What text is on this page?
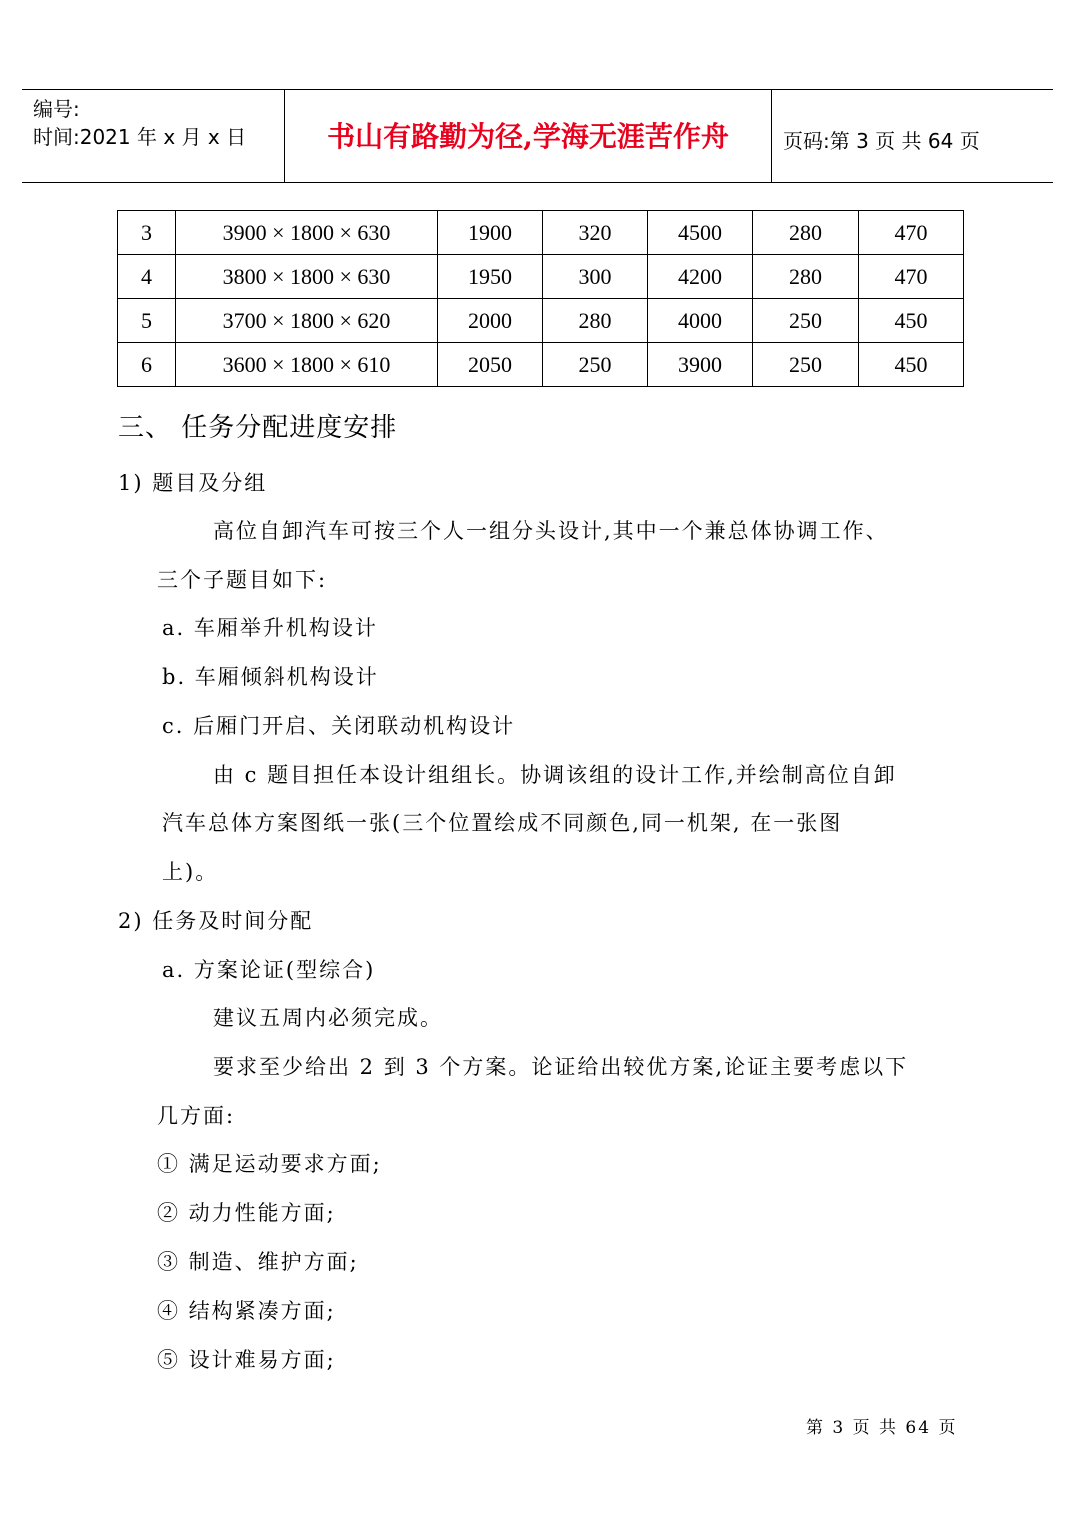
编号:
时间:2021 年 x 月 x 日	书山有路勤为径,学海无涯苦作舟	页码:第 3 页 共 64 页
3	3900 × 1800 × 630	1900	320	4500	280	470
4	3800 × 1800 × 630	1950	300	4200	280	470
5	3700 × 1800 × 620	2000	280	4000	250	450
6	3600 × 1800 × 610	2050	250	3900	250	450
三、 任务分配进度安排
1) 题目及分组
高位自卸汽车可按三个人一组分头设计,其中一个兼总体协调工作、
三个子题目如下:
a. 车厢举升机构设计
b. 车厢倾斜机构设计
c. 后厢门开启、关闭联动机构设计
由 c 题目担任本设计组组长。协调该组的设计工作,并绘制高位自卸
汽车总体方案图纸一张(三个位置绘成不同颜色,同一机架, 在一张图
上)。
2) 任务及时间分配
a. 方案论证(型综合)
建议五周内必须完成。
要求至少给出 2 到 3 个方案。论证给出较优方案,论证主要考虑以下
几方面:
① 满足运动要求方面;
② 动力性能方面;
③ 制造、维护方面;
④ 结构紧凑方面;
⑤ 设计难易方面;
第 3 页 共 64 页
